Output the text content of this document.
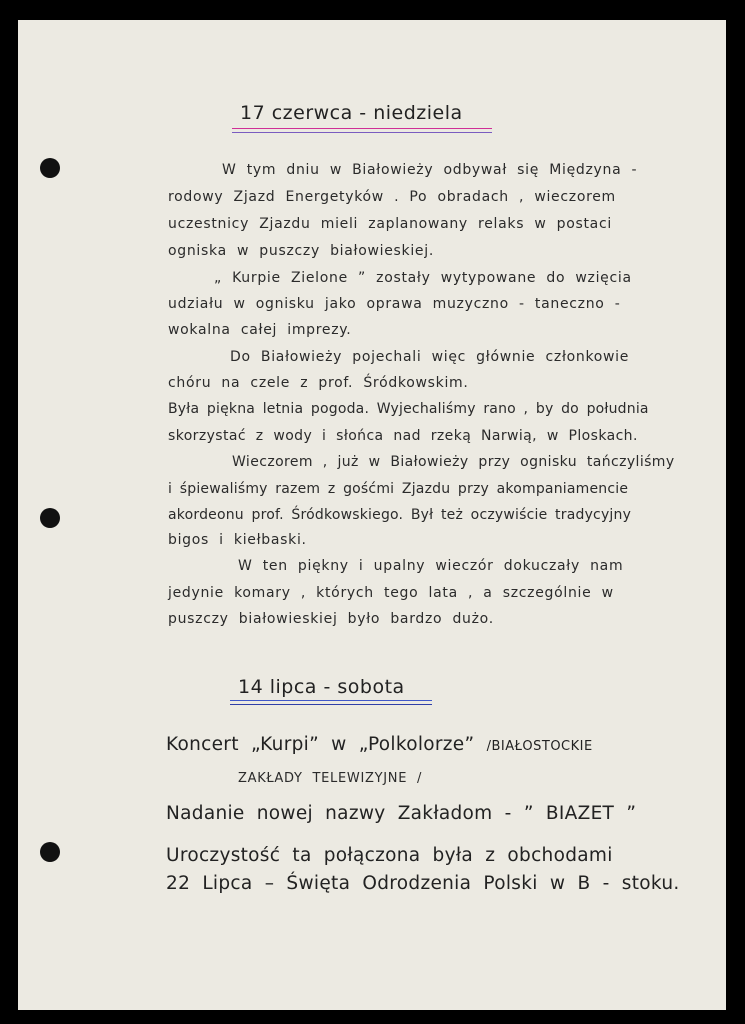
17 czerwca - niedziela
W tym dniu w Białowieży odbywał się Międzyna -
rodowy Zjazd Energetyków . Po obradach , wieczorem
uczestnicy Zjazdu mieli zaplanowany relaks w postaci
ogniska w puszczy białowieskiej.
„ Kurpie Zielone ” zostały wytypowane do wzięcia
udziału w ognisku jako oprawa muzyczno - taneczno -
wokalna całej imprezy.
Do Białowieży pojechali więc głównie członkowie
chóru na czele z prof. Śródkowskim.
Była piękna letnia pogoda. Wyjechaliśmy rano , by do południa
skorzystać z wody i słońca nad rzeką Narwią, w Ploskach.
Wieczorem , już w Białowieży przy ognisku tańczyliśmy
i śpiewaliśmy razem z gośćmi Zjazdu przy akompaniamencie
akordeonu prof. Śródkowskiego. Był też oczywiście tradycyjny
bigos i kiełbaski.
W ten piękny i upalny wieczór dokuczały nam
jedynie komary , których tego lata , a szczególnie w
puszczy białowieskiej było bardzo dużo.
14 lipca - sobota
Koncert „Kurpi” w „Polkolorze” /BIAŁOSTOCKIE
ZAKŁADY TELEWIZYJNE /
Nadanie nowej nazwy Zakładom - ” BIAZET ”
Uroczystość ta połączona była z obchodami
22 Lipca – Święta Odrodzenia Polski w B - stoku.
